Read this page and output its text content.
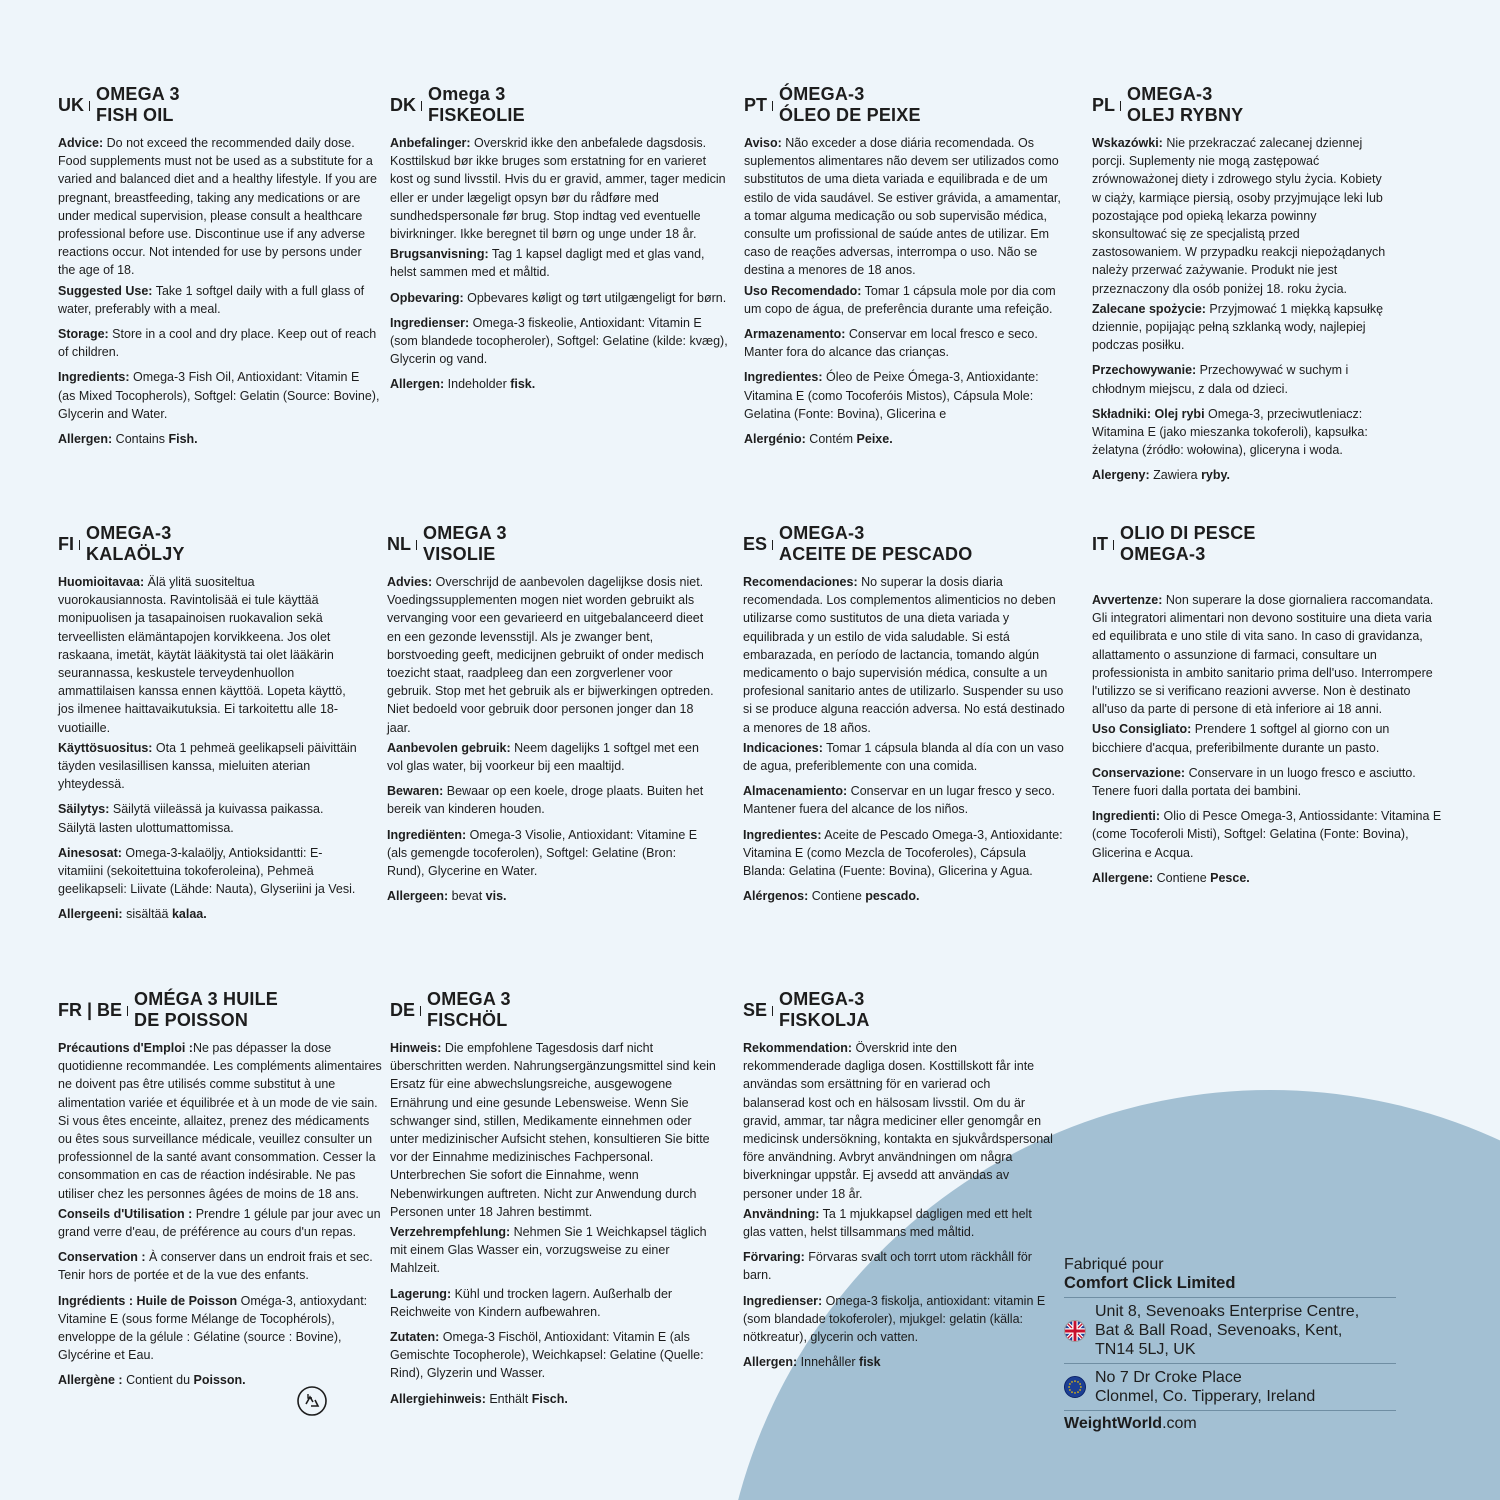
UK
OMEGA 3
FISH OIL
Advice: Do not exceed the recommended daily dose. Food supplements must not be used as a substitute for a varied and balanced diet and a healthy lifestyle. If you are pregnant, breastfeeding, taking any medications or are under medical supervision, please consult a healthcare professional before use. Discontinue use if any adverse reactions occur. Not intended for use by persons under the age of 18.
Suggested Use: Take 1 softgel daily with a full glass of water, preferably with a meal.
Storage: Store in a cool and dry place. Keep out of reach of children.
Ingredients: Omega-3 Fish Oil, Antioxidant: Vitamin E (as Mixed Tocopherols), Softgel: Gelatin (Source: Bovine), Glycerin and Water.
Allergen: Contains Fish.
DK
Omega 3
FISKEOLIE
Anbefalinger: Overskrid ikke den anbefalede dagsdosis. Kosttilskud bør ikke bruges som erstatning for en varieret kost og sund livsstil. Hvis du er gravid, ammer, tager medicin eller er under lægeligt opsyn bør du rådføre med sundhedspersonale før brug. Stop indtag ved eventuelle bivirkninger. Ikke beregnet til børn og unge under 18 år.
Brugsanvisning: Tag 1 kapsel dagligt med et glas vand, helst sammen med et måltid.
Opbevaring: Opbevares køligt og tørt utilgængeligt for børn.
Ingredienser: Omega-3 fiskeolie, Antioxidant: Vitamin E (som blandede tocopheroler), Softgel: Gelatine (kilde: kvæg), Glycerin og vand.
Allergen: Indeholder fisk.
PT
ÓMEGA-3
ÓLEO DE PEIXE
Aviso: Não exceder a dose diária recomendada. Os suplementos alimentares não devem ser utilizados como substitutos de uma dieta variada e equilibrada e de um estilo de vida saudável. Se estiver grávida, a amamentar, a tomar alguma medicação ou sob supervisão médica, consulte um profissional de saúde antes de utilizar. Em caso de reações adversas, interrompa o uso. Não se destina a menores de 18 anos.
Uso Recomendado: Tomar 1 cápsula mole por dia com um copo de água, de preferência durante uma refeição.
Armazenamento: Conservar em local fresco e seco. Manter fora do alcance das crianças.
Ingredientes: Óleo de Peixe Ómega-3, Antioxidante: Vitamina E (como Tocoferóis Mistos), Cápsula Mole: Gelatina (Fonte: Bovina), Glicerina e
Alergénio: Contém Peixe.
PL
OMEGA-3
OLEJ RYBNY
Wskazówki: Nie przekraczać zalecanej dziennej porcji. Suplementy nie mogą zastępować zrównoważonej diety i zdrowego stylu życia. Kobiety w ciąży, karmiące piersią, osoby przyjmujące leki lub pozostające pod opieką lekarza powinny skonsultować się ze specjalistą przed zastosowaniem. W przypadku reakcji niepożądanych należy przerwać zażywanie. Produkt nie jest przeznaczony dla osób poniżej 18. roku życia.
Zalecane spożycie: Przyjmować 1 miękką kapsułkę dziennie, popijając pełną szklanką wody, najlepiej podczas posiłku.
Przechowywanie: Przechowywać w suchym i chłodnym miejscu, z dala od dzieci.
Składniki: Olej rybi Omega-3, przeciwutleniacz: Witamina E (jako mieszanka tokoferoli), kapsułka: żelatyna (źródło: wołowina), gliceryna i woda.
Alergeny: Zawiera ryby.
FI
OMEGA-3
KALAÖLJY
Huomioitavaa: Älä ylitä suositeltua vuorokausiannosta. Ravintolisää ei tule käyttää monipuolisen ja tasapainoisen ruokavalion sekä terveellisten elämäntapojen korvikkeena. Jos olet raskaana, imetät, käytät lääkitystä tai olet lääkärin seurannassa, keskustele terveydenhuollon ammattilaisen kanssa ennen käyttöä. Lopeta käyttö, jos ilmenee haittavaikutuksia. Ei tarkoitettu alle 18-vuotiaille.
Käyttösuositus: Ota 1 pehmeä geelikapseli päivittäin täyden vesilasillisen kanssa, mieluiten aterian yhteydessä.
Säilytys: Säilytä viileässä ja kuivassa paikassa. Säilytä lasten ulottumattomissa.
Ainesosat: Omega-3-kalaöljy, Antioksidantti: E-vitamiini (sekoitettuina tokoferoleina), Pehmeä geelikapseli: Liivate (Lähde: Nauta), Glyseriini ja Vesi.
Allergeeni: sisältää kalaa.
NL
OMEGA 3
VISOLIE
Advies: Overschrijd de aanbevolen dagelijkse dosis niet. Voedingssupplementen mogen niet worden gebruikt als vervanging voor een gevarieerd en uitgebalanceerd dieet en een gezonde levensstijl. Als je zwanger bent, borstvoeding geeft, medicijnen gebruikt of onder medisch toezicht staat, raadpleeg dan een zorgverlener voor gebruik. Stop met het gebruik als er bijwerkingen optreden. Niet bedoeld voor gebruik door personen jonger dan 18 jaar.
Aanbevolen gebruik: Neem dagelijks 1 softgel met een vol glas water, bij voorkeur bij een maaltijd.
Bewaren: Bewaar op een koele, droge plaats. Buiten het bereik van kinderen houden.
Ingrediënten: Omega-3 Visolie, Antioxidant: Vitamine E (als gemengde tocoferolen), Softgel: Gelatine (Bron: Rund), Glycerine en Water.
Allergeen: bevat vis.
ES
OMEGA-3
ACEITE DE PESCADO
Recomendaciones: No superar la dosis diaria recomendada. Los complementos alimenticios no deben utilizarse como sustitutos de una dieta variada y equilibrada y un estilo de vida saludable. Si está embarazada, en período de lactancia, tomando algún medicamento o bajo supervisión médica, consulte a un profesional sanitario antes de utilizarlo. Suspender su uso si se produce alguna reacción adversa. No está destinado a menores de 18 años.
Indicaciones: Tomar 1 cápsula blanda al día con un vaso de agua, preferiblemente con una comida.
Almacenamiento: Conservar en un lugar fresco y seco. Mantener fuera del alcance de los niños.
Ingredientes: Aceite de Pescado Omega-3, Antioxidante: Vitamina E (como Mezcla de Tocoferoles), Cápsula Blanda: Gelatina (Fuente: Bovina), Glicerina y Agua.
Alérgenos: Contiene pescado.
IT
OLIO DI PESCE
OMEGA-3
Avvertenze: Non superare la dose giornaliera raccomandata. Gli integratori alimentari non devono sostituire una dieta varia ed equilibrata e uno stile di vita sano. In caso di gravidanza, allattamento o assunzione di farmaci, consultare un professionista in ambito sanitario prima dell'uso. Interrompere l'utilizzo se si verificano reazioni avverse. Non è destinato all'uso da parte di persone di età inferiore ai 18 anni.
Uso Consigliato: Prendere 1 softgel al giorno con un bicchiere d'acqua, preferibilmente durante un pasto.
Conservazione: Conservare in un luogo fresco e asciutto. Tenere fuori dalla portata dei bambini.
Ingredienti: Olio di Pesce Omega-3, Antiossidante: Vitamina E (come Tocoferoli Misti), Softgel: Gelatina (Fonte: Bovina), Glicerina e Acqua.
Allergene: Contiene Pesce.
FR | BE
OMÉGA 3 HUILE
DE POISSON
Précautions d'Emploi :Ne pas dépasser la dose quotidienne recommandée. Les compléments alimentaires ne doivent pas être utilisés comme substitut à une alimentation variée et équilibrée et à un mode de vie sain. Si vous êtes enceinte, allaitez, prenez des médicaments ou êtes sous surveillance médicale, veuillez consulter un professionnel de la santé avant consommation. Cesser la consommation en cas de réaction indésirable. Ne pas utiliser chez les personnes âgées de moins de 18 ans.
Conseils d'Utilisation : Prendre 1 gélule par jour avec un grand verre d'eau, de préférence au cours d'un repas.
Conservation : À conserver dans un endroit frais et sec. Tenir hors de portée et de la vue des enfants.
Ingrédients : Huile de Poisson Oméga-3, antioxydant: Vitamine E (sous forme Mélange de Tocophérols), enveloppe de la gélule : Gélatine (source : Bovine), Glycérine et Eau.
Allergène : Contient du Poisson.
DE
OMEGA 3
FISCHÖL
Hinweis: Die empfohlene Tagesdosis darf nicht überschritten werden. Nahrungsergänzungsmittel sind kein Ersatz für eine abwechslungsreiche, ausgewogene Ernährung und eine gesunde Lebensweise. Wenn Sie schwanger sind, stillen, Medikamente einnehmen oder unter medizinischer Aufsicht stehen, konsultieren Sie bitte vor der Einnahme medizinisches Fachpersonal. Unterbrechen Sie sofort die Einnahme, wenn Nebenwirkungen auftreten. Nicht zur Anwendung durch Personen unter 18 Jahren bestimmt.
Verzehrempfehlung: Nehmen Sie 1 Weichkapsel täglich mit einem Glas Wasser ein, vorzugsweise zu einer Mahlzeit.
Lagerung: Kühl und trocken lagern. Außerhalb der Reichweite von Kindern aufbewahren.
Zutaten: Omega-3 Fischöl, Antioxidant: Vitamin E (als Gemischte Tocopherole), Weichkapsel: Gelatine (Quelle: Rind), Glyzerin und Wasser.
Allergiehinweis: Enthält Fisch.
SE
OMEGA-3
FISKOLJA
Rekommendation: Överskrid inte den rekommenderade dagliga dosen. Kosttillskott får inte användas som ersättning för en varierad och balanserad kost och en hälsosam livsstil. Om du är gravid, ammar, tar några mediciner eller genomgår en medicinsk undersökning, kontakta en sjukvårdspersonal före användning. Avbryt användningen om några biverkningar uppstår. Ej avsedd att användas av personer under 18 år.
Användning: Ta 1 mjukkapsel dagligen med ett helt glas vatten, helst tillsammans med måltid.
Förvaring: Förvaras svalt och torrt utom räckhåll för barn.
Ingredienser: Omega-3 fiskolja, antioxidant: vitamin E (som blandade tokoferoler), mjukgel: gelatin (källa: nötkreatur), glycerin och vatten.
Allergen: Innehåller fisk
Fabriqué pour
Comfort Click Limited
Unit 8, Sevenoaks Enterprise Centre,
Bat & Ball Road, Sevenoaks, Kent,
TN14 5LJ, UK
No 7 Dr Croke Place
Clonmel, Co. Tipperary, Ireland
WeightWorld.com
